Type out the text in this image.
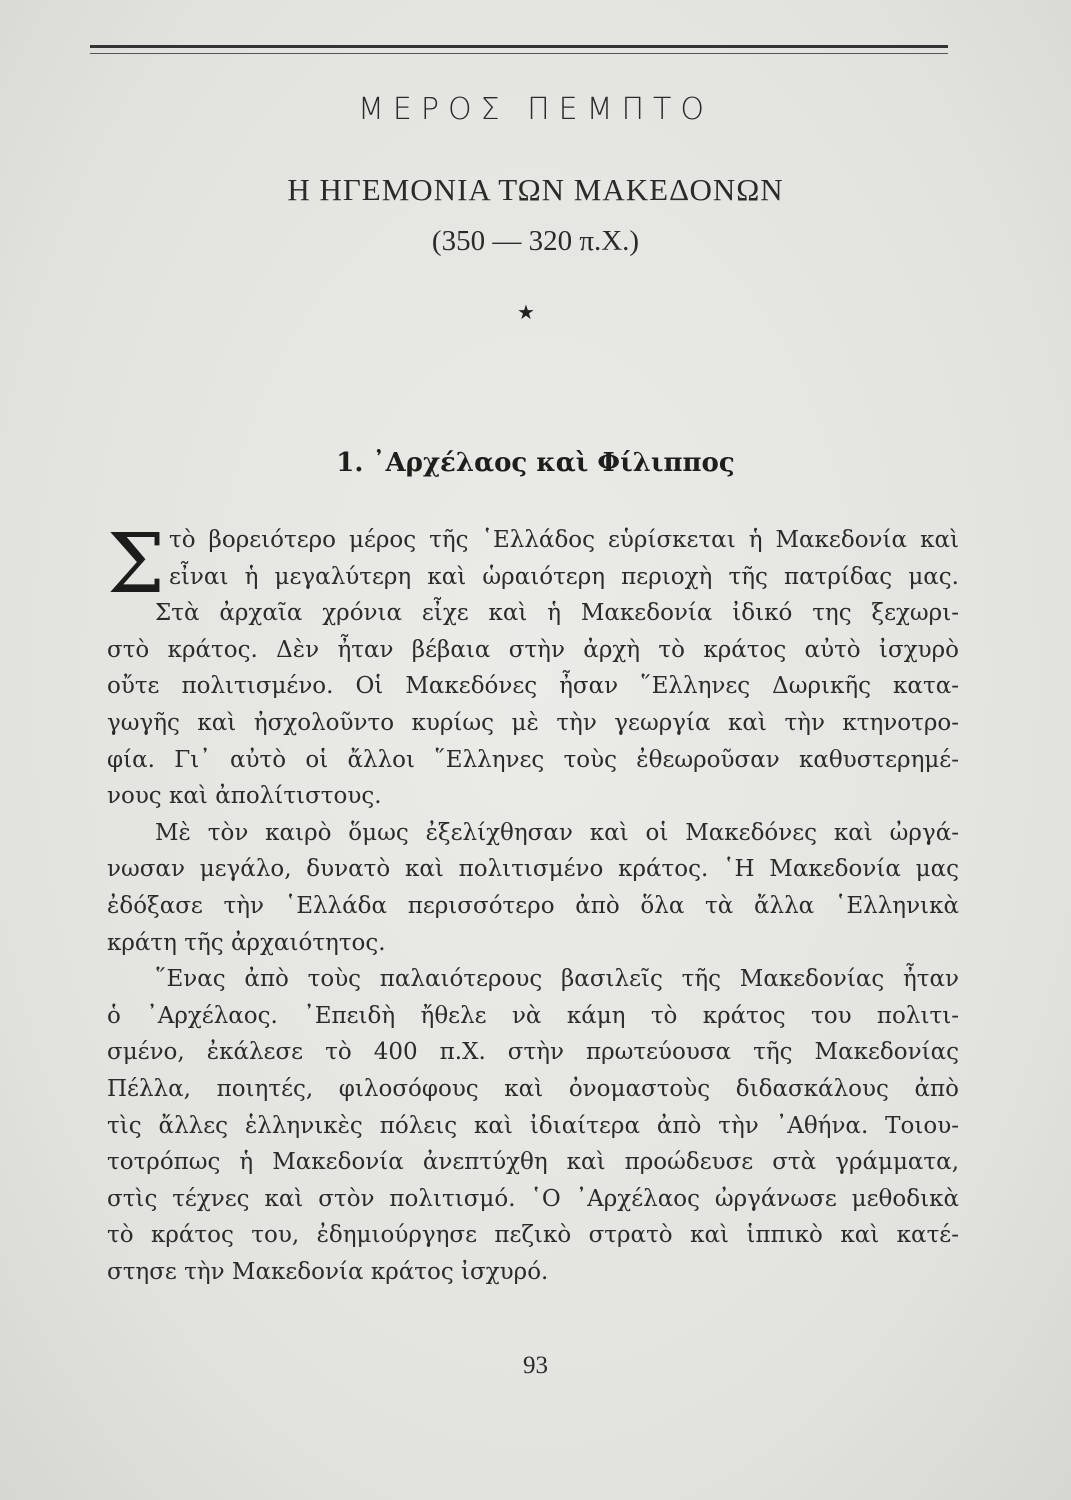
ΜΕΡΟΣ ΠΕΜΠΤΟ
Η ΗΓΕΜΟΝΙΑ ΤΩΝ ΜΑΚΕΔΟΝΩΝ
(350 — 320 π.Χ.)
★
1. ᾽Αρχέλαος καὶ Φίλιππος
Σ τὸ βορειότερο μέρος τῆς ῾Ελλάδος εὑρίσκεται ἡ Μακεδονία καὶ
εἶναι ἡ μεγαλύτερη καὶ ὡραιότερη περιοχὴ τῆς πατρίδας μας.
Στὰ ἀρχαῖα χρόνια εἶχε καὶ ἡ Μακεδονία ἰδικό της ξεχωρι-
στὸ κράτος. Δὲν ἦταν βέβαια στὴν ἀρχὴ τὸ κράτος αὐτὸ ἰσχυρὸ
οὔτε πολιτισμένο. Οἱ Μακεδόνες ἦσαν ῞Ελληνες Δωρικῆς κατα-
γωγῆς καὶ ἠσχολοῦντο κυρίως μὲ τὴν γεωργία καὶ τὴν κτηνοτρο-
φία. Γι᾽ αὐτὸ οἱ ἄλλοι ῞Ελληνες τοὺς ἐθεωροῦσαν καθυστερημέ-
νους καὶ ἀπολίτιστους.
Μὲ τὸν καιρὸ ὅμως ἐξελίχθησαν καὶ οἱ Μακεδόνες καὶ ὠργά-
νωσαν μεγάλο, δυνατὸ καὶ πολιτισμένο κράτος. ῾Η Μακεδονία μας
ἐδόξασε τὴν ῾Ελλάδα περισσότερο ἀπὸ ὅλα τὰ ἄλλα ῾Ελληνικὰ
κράτη τῆς ἀρχαιότητος.
῞Ενας ἀπὸ τοὺς παλαιότερους βασιλεῖς τῆς Μακεδονίας ἦταν
ὁ ᾽Αρχέλαος. ᾽Επειδὴ ἤθελε νὰ κάμη τὸ κράτος του πολιτι-
σμένο, ἐκάλεσε τὸ 400 π.Χ. στὴν πρωτεύουσα τῆς Μακεδονίας
Πέλλα, ποιητές, φιλοσόφους καὶ ὀνομαστοὺς διδασκάλους ἀπὸ
τὶς ἄλλες ἑλληνικὲς πόλεις καὶ ἰδιαίτερα ἀπὸ τὴν ᾽Αθήνα. Τοιου-
τοτρόπως ἡ Μακεδονία ἀνεπτύχθη καὶ προώδευσε στὰ γράμματα,
στὶς τέχνες καὶ στὸν πολιτισμό. ῾Ο ᾽Αρχέλαος ὠργάνωσε μεθοδικὰ
τὸ κράτος του, ἐδημιούργησε πεζικὸ στρατὸ καὶ ἱππικὸ καὶ κατέ-
στησε τὴν Μακεδονία κράτος ἰσχυρό.
93
